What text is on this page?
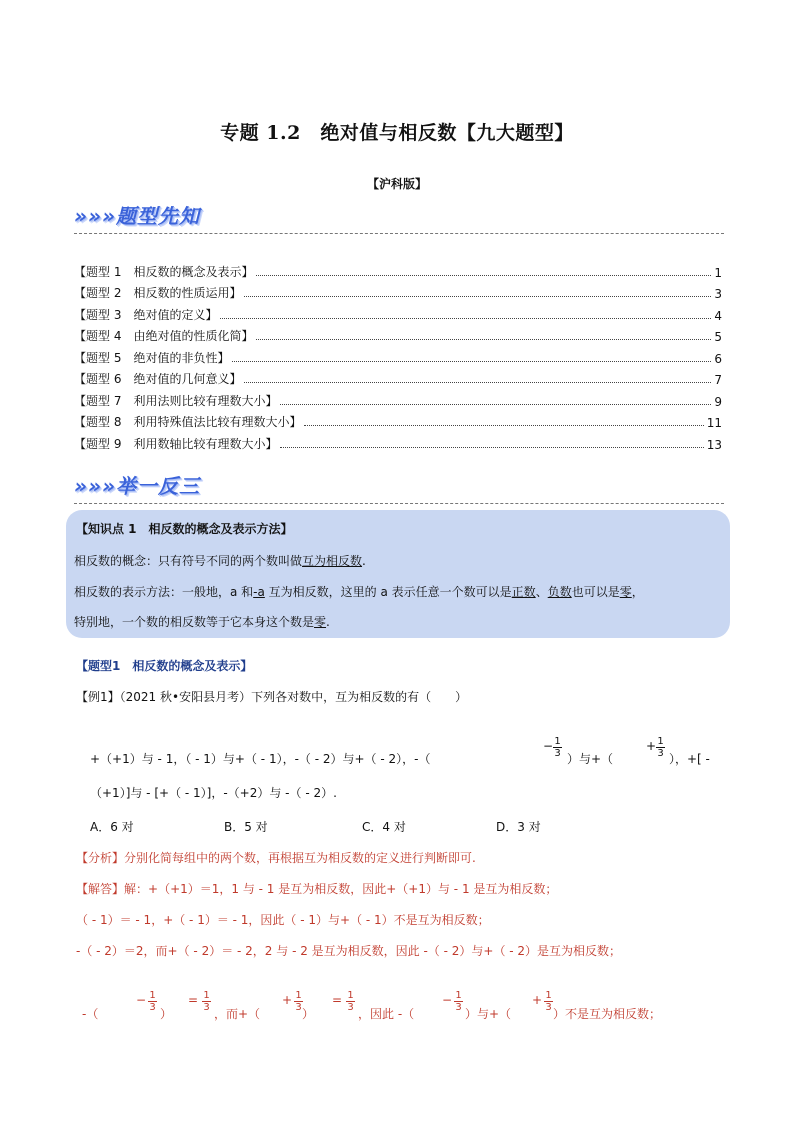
专题 1.2　绝对值与相反数【九大题型】
【沪科版】
»»»题型先知
【题型 1　相反数的概念及表示】	1
【题型 2　相反数的性质运用】	3
【题型 3　绝对值的定义】	4
【题型 4　由绝对值的性质化简】	5
【题型 5　绝对值的非负性】	6
【题型 6　绝对值的几何意义】	7
【题型 7　利用法则比较有理数大小】	9
【题型 8　利用特殊值法比较有理数大小】	11
【题型 9　利用数轴比较有理数大小】	13
»»»举一反三
【知识点 1　相反数的概念及表示方法】
相反数的概念：只有符号不同的两个数叫做互为相反数.
相反数的表示方法：一般地，a 和-a 互为相反数，这里的 a 表示任意一个数可以是正数、负数也可以是零，
特别地，一个数的相反数等于它本身这个数是零.
【题型1　相反数的概念及表示】
【例1】（2021 秋•安阳县月考）下列各对数中，互为相反数的有（　　）
− 1
3
+ 1
3
+（+1）与 - 1，（ - 1）与+（ - 1），-（ - 2）与+（ - 2），-（	）与+（	），+[ -
（+1）]与 - [+（ - 1）]，-（+2）与 -（ - 2）.
A．6 对	B．5 对	C．4 对	D．3 对
【分析】分别化简每组中的两个数，再根据互为相反数的定义进行判断即可.
【解答】解：+（+1）＝1，1 与 - 1 是互为相反数，因此+（+1）与 - 1 是互为相反数；
（ - 1）＝ - 1，+（ - 1）＝ - 1，因此（ - 1）与+（ - 1）不是互为相反数；
-（ - 2）＝2，而+（ - 2）＝ - 2，2 与 - 2 是互为相反数，因此 -（ - 2）与+（ - 2）是互为相反数；
-（
− 1
3 ）
= 1
3 ，而+（
+ 1
3 ）
= 1
3 ，因此 -（
− 1
3 ）与+（
+ 1
3 ）不是互为相反数；
